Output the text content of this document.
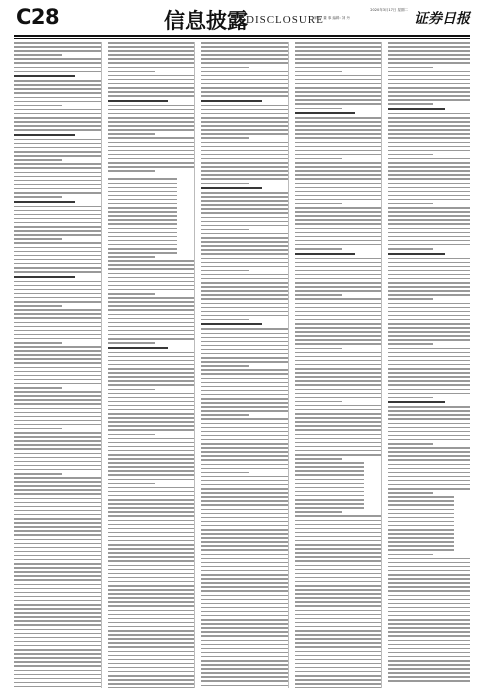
C28	信息披露
DISCLOSURE
制作: 董 事 编辑: 刘 丹
2020年3月17日 星期二
证券日报
